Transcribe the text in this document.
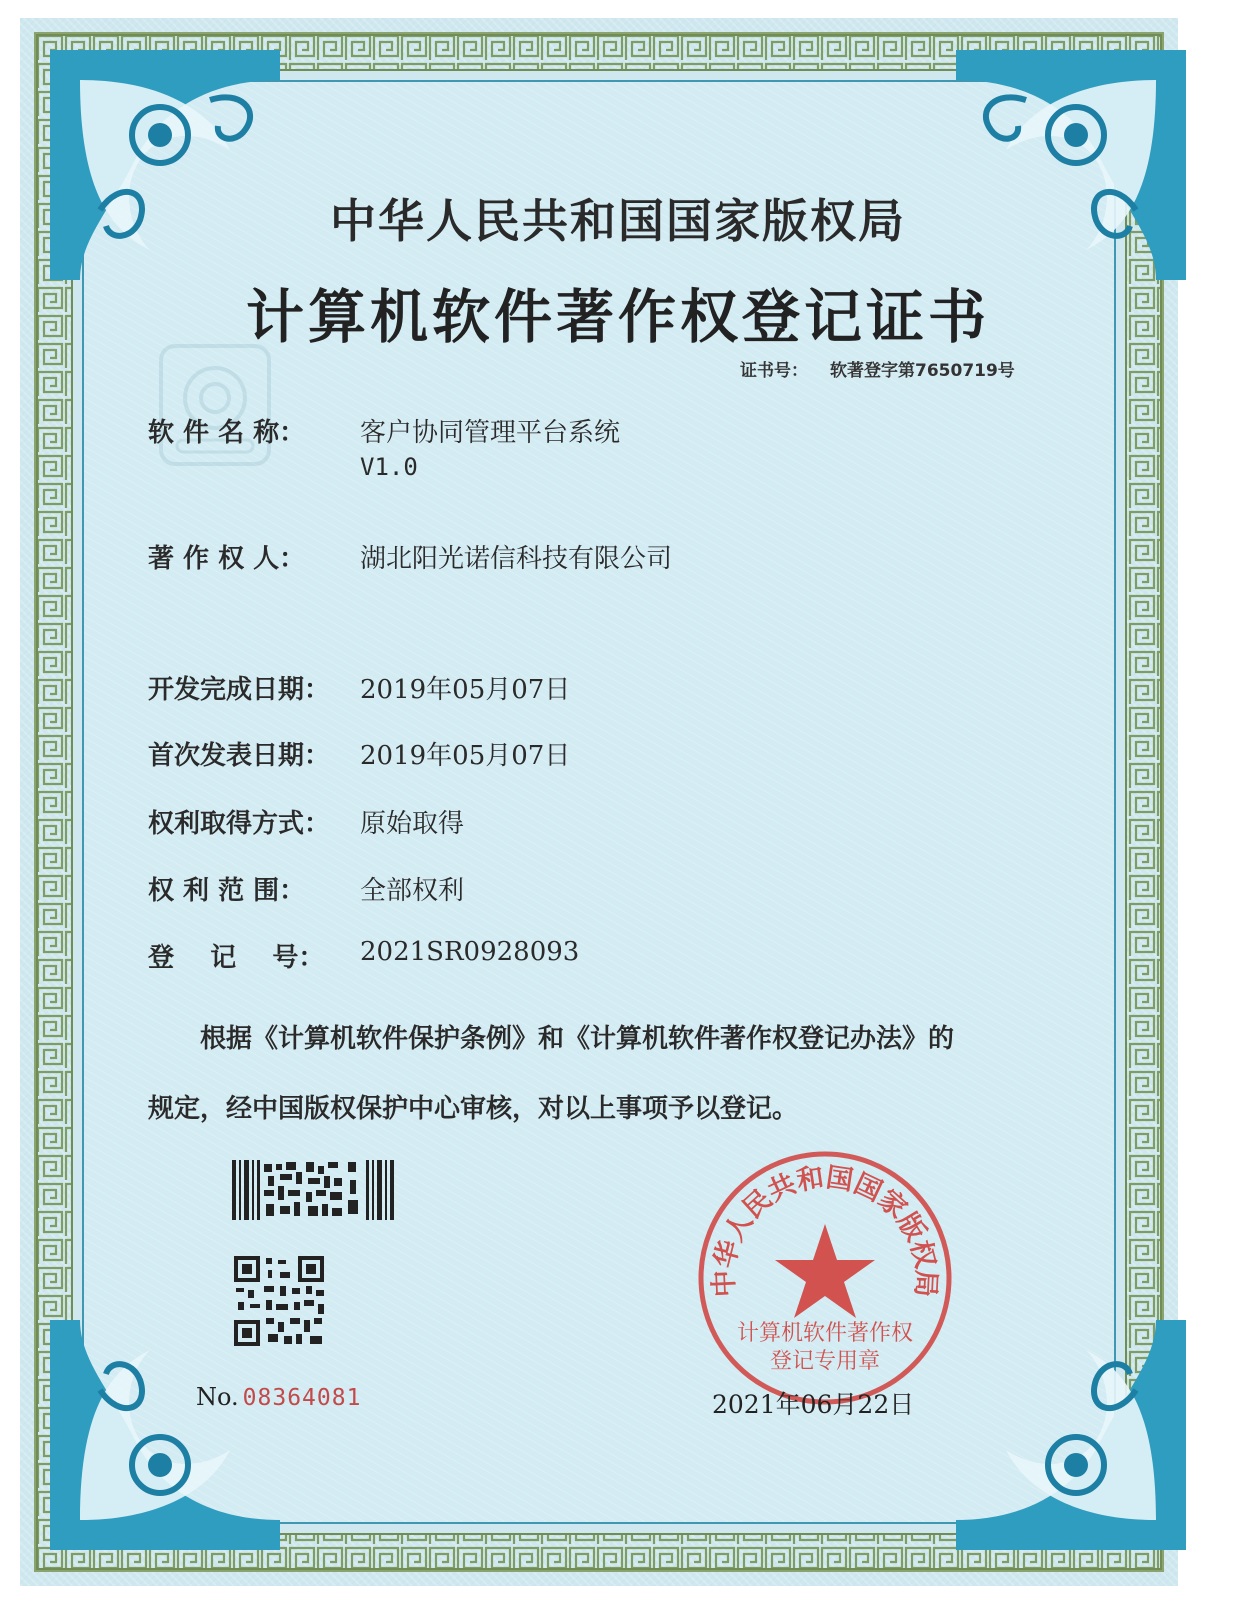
中华人民共和国国家版权局
计算机软件著作权登记证书
证书号： 软著登字第7650719号
软 件 名 称： 客户协同管理平台系统
V1.0
著 作 权 人： 湖北阳光诺信科技有限公司
开发完成日期： 2019年05月07日
首次发表日期： 2019年05月07日
权利取得方式： 原始取得
权 利 范 围： 全部权利
登    记    号： 2021SR0928093
根据《计算机软件保护条例》和《计算机软件著作权登记办法》的
规定，经中国版权保护中心审核，对以上事项予以登记。
No. 08364081
中华人民共和国国家版权局
计算机软件著作权
登记专用章
2021年06月22日
